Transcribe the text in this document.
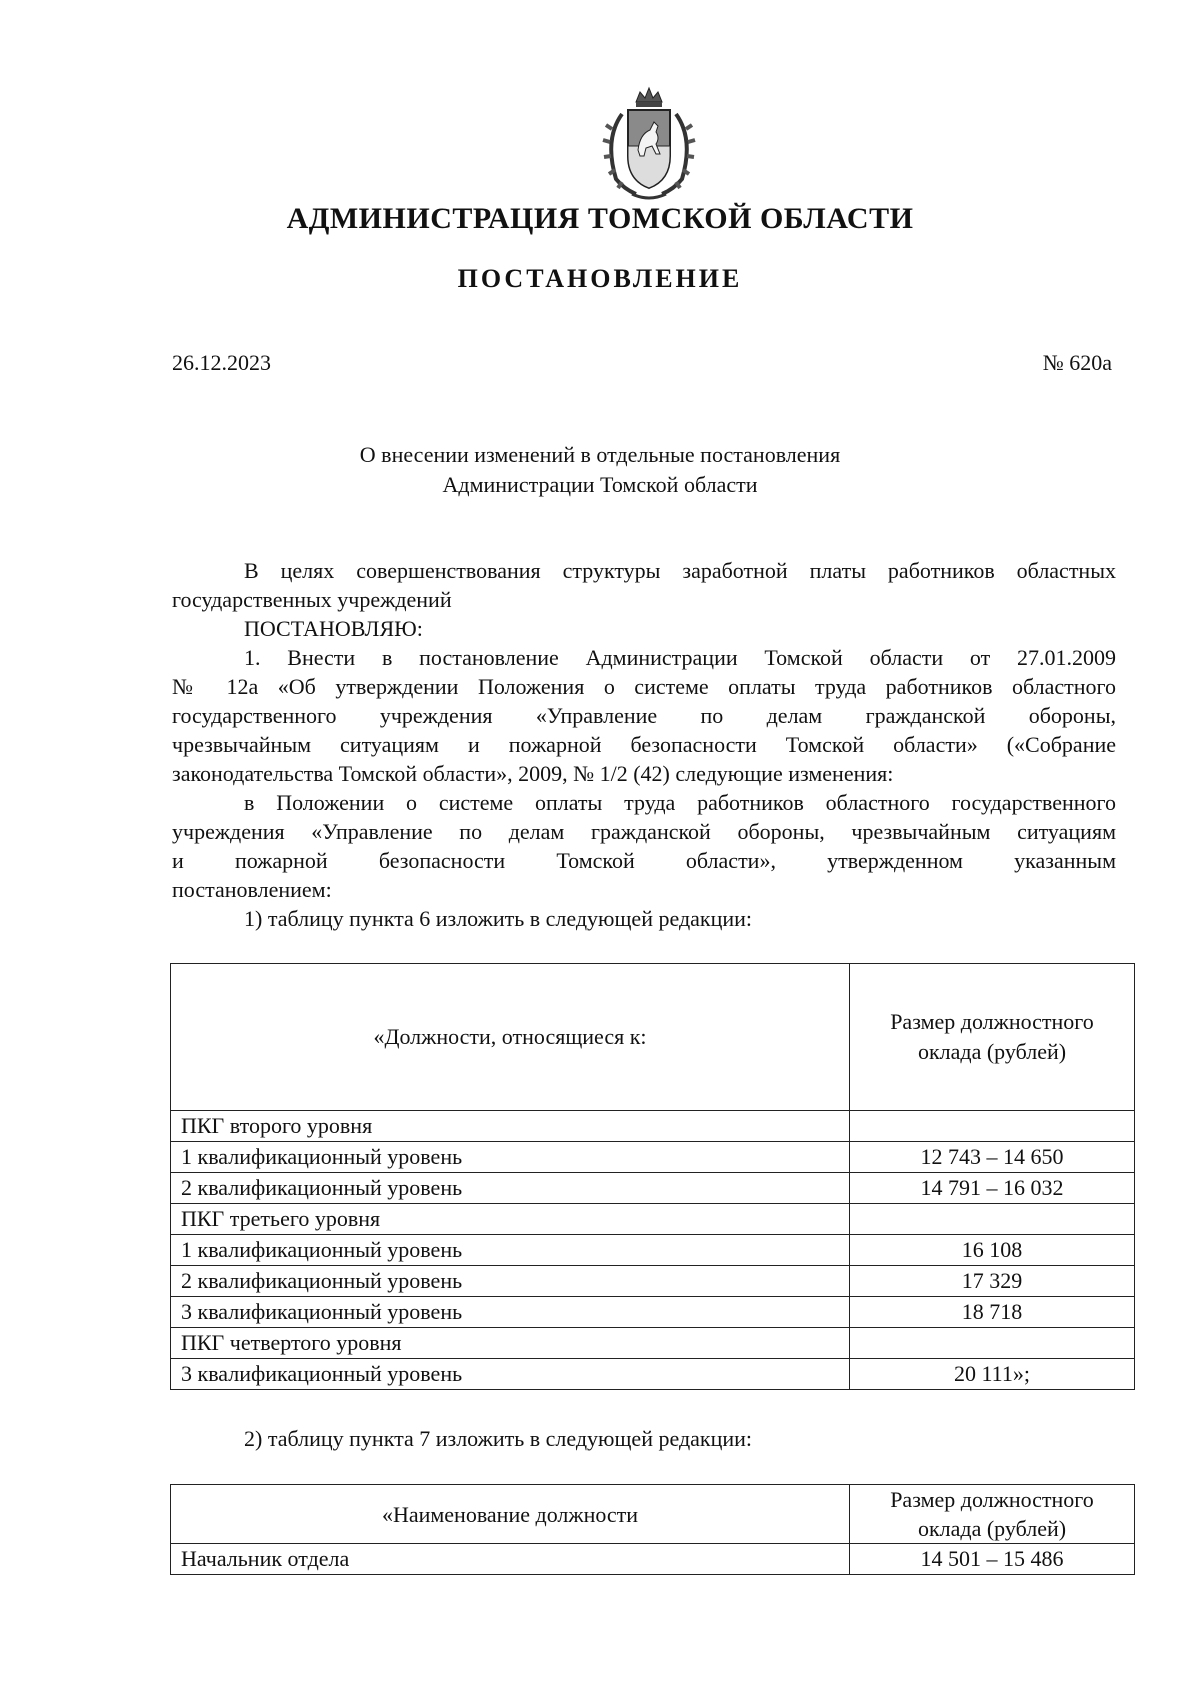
АДМИНИСТРАЦИЯ ТОМСКОЙ ОБЛАСТИ
ПОСТАНОВЛЕНИЕ
26.12.2023	№ 620а
О внесении изменений в отдельные постановления
Администрации Томской области

В целях совершенствования структуры заработной платы работников областных

государственных учреждений

ПОСТАНОВЛЯЮ:

1. Внести в постановление Администрации Томской области от 27.01.2009

№ 12а «Об утверждении Положения о системе оплаты труда работников областного

государственного учреждения «Управление по делам гражданской обороны,

чрезвычайным ситуациям и пожарной безопасности Томской области» («Собрание

законодательства Томской области», 2009, № 1/2 (42) следующие изменения:

в Положении о системе оплаты труда работников областного государственного

учреждения «Управление по делам гражданской обороны, чрезвычайным ситуациям

и пожарной безопасности Томской области», утвержденном указанным

постановлением:

1) таблицу пункта 6 изложить в следующей редакции:

«Должности, относящиеся к:	Размер должностного
оклада (рублей)
ПКГ второго уровня	
1 квалификационный уровень	12 743 – 14 650
2 квалификационный уровень	14 791 – 16 032
ПКГ третьего уровня	
1 квалификационный уровень	16 108
2 квалификационный уровень	17 329
3 квалификационный уровень	18 718
ПКГ четвертого уровня	
3 квалификационный уровень	20 111»;
2) таблицу пункта 7 изложить в следующей редакции:
«Наименование должности	Размер должностного
оклада (рублей)
Начальник отдела	14 501 – 15 486
